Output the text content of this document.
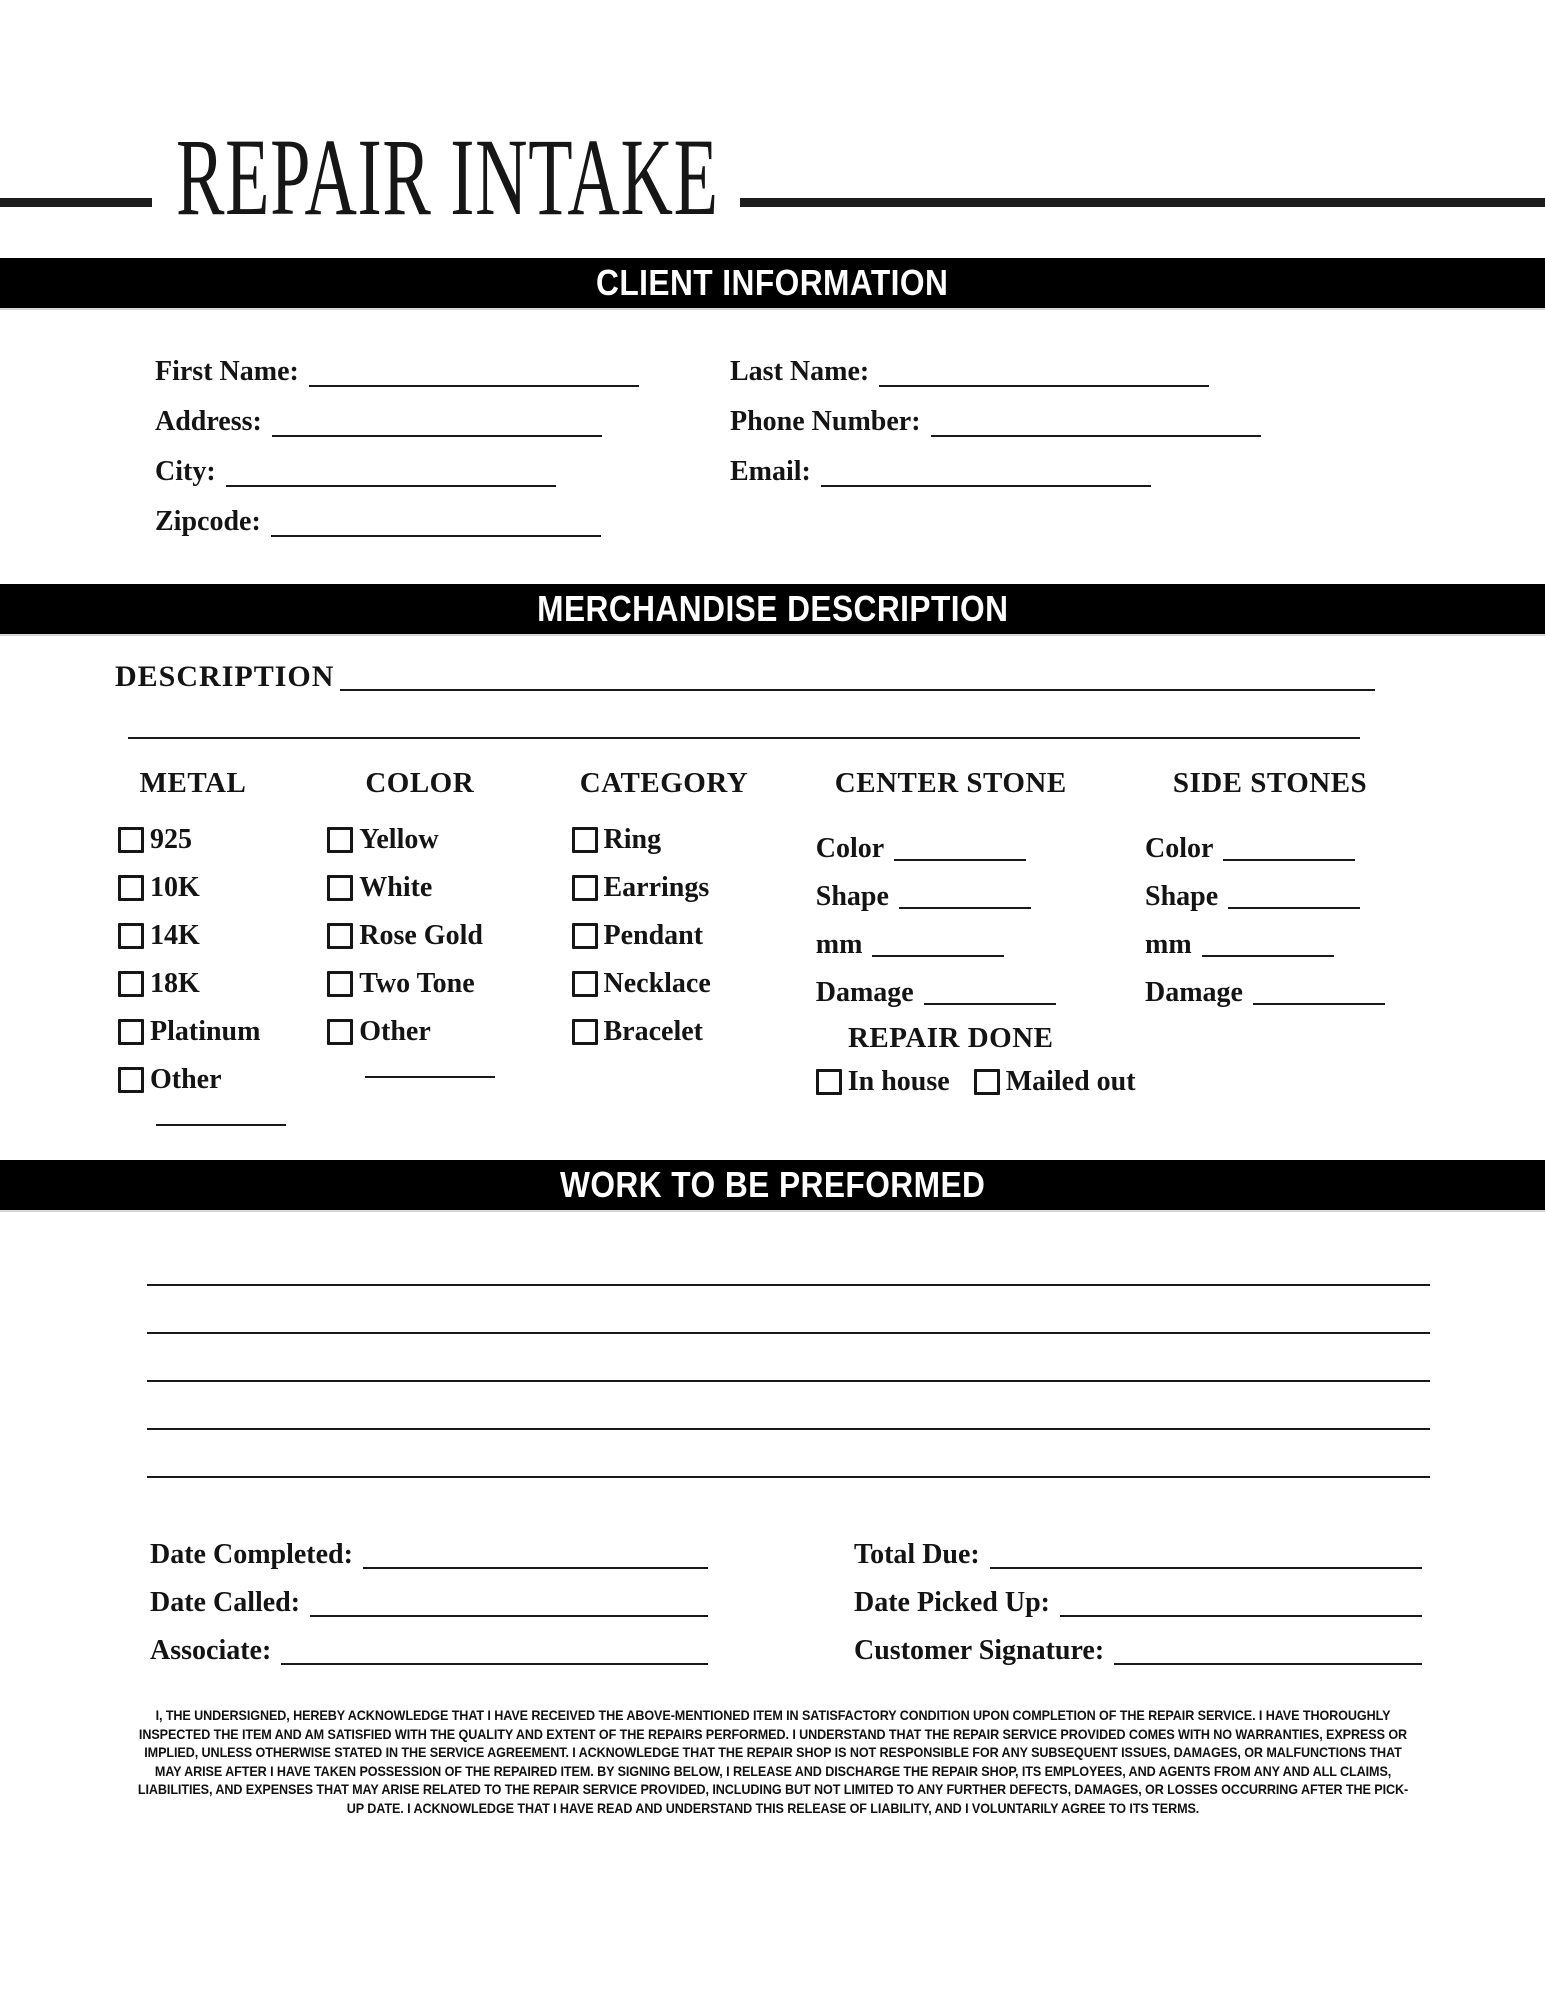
REPAIR INTAKE
CLIENT INFORMATION
First Name:
Address:
City:
Zipcode:
Last Name:
Phone Number:
Email:
MERCHANDISE DESCRIPTION
DESCRIPTION
METAL
925
10K
14K
18K
Platinum
Other
COLOR
Yellow
White
Rose Gold
Two Tone
Other
CATEGORY
Ring
Earrings
Pendant
Necklace
Bracelet
CENTER STONE
Color
Shape
mm
Damage
REPAIR DONE
In house Mailed out
SIDE STONES
Color
Shape
mm
Damage
WORK TO BE PREFORMED
Date Completed:
Date Called:
Associate:
Total Due:
Date Picked Up:
Customer Signature:
I, THE UNDERSIGNED, HEREBY ACKNOWLEDGE THAT I HAVE RECEIVED THE ABOVE-MENTIONED ITEM IN SATISFACTORY CONDITION UPON COMPLETION OF THE REPAIR SERVICE. I HAVE THOROUGHLY INSPECTED THE ITEM AND AM SATISFIED WITH THE QUALITY AND EXTENT OF THE REPAIRS PERFORMED. I UNDERSTAND THAT THE REPAIR SERVICE PROVIDED COMES WITH NO WARRANTIES, EXPRESS OR IMPLIED, UNLESS OTHERWISE STATED IN THE SERVICE AGREEMENT. I ACKNOWLEDGE THAT THE REPAIR SHOP IS NOT RESPONSIBLE FOR ANY SUBSEQUENT ISSUES, DAMAGES, OR MALFUNCTIONS THAT MAY ARISE AFTER I HAVE TAKEN POSSESSION OF THE REPAIRED ITEM. BY SIGNING BELOW, I RELEASE AND DISCHARGE THE REPAIR SHOP, ITS EMPLOYEES, AND AGENTS FROM ANY AND ALL CLAIMS, LIABILITIES, AND EXPENSES THAT MAY ARISE RELATED TO THE REPAIR SERVICE PROVIDED, INCLUDING BUT NOT LIMITED TO ANY FURTHER DEFECTS, DAMAGES, OR LOSSES OCCURRING AFTER THE PICK-UP DATE. I ACKNOWLEDGE THAT I HAVE READ AND UNDERSTAND THIS RELEASE OF LIABILITY, AND I VOLUNTARILY AGREE TO ITS TERMS.
